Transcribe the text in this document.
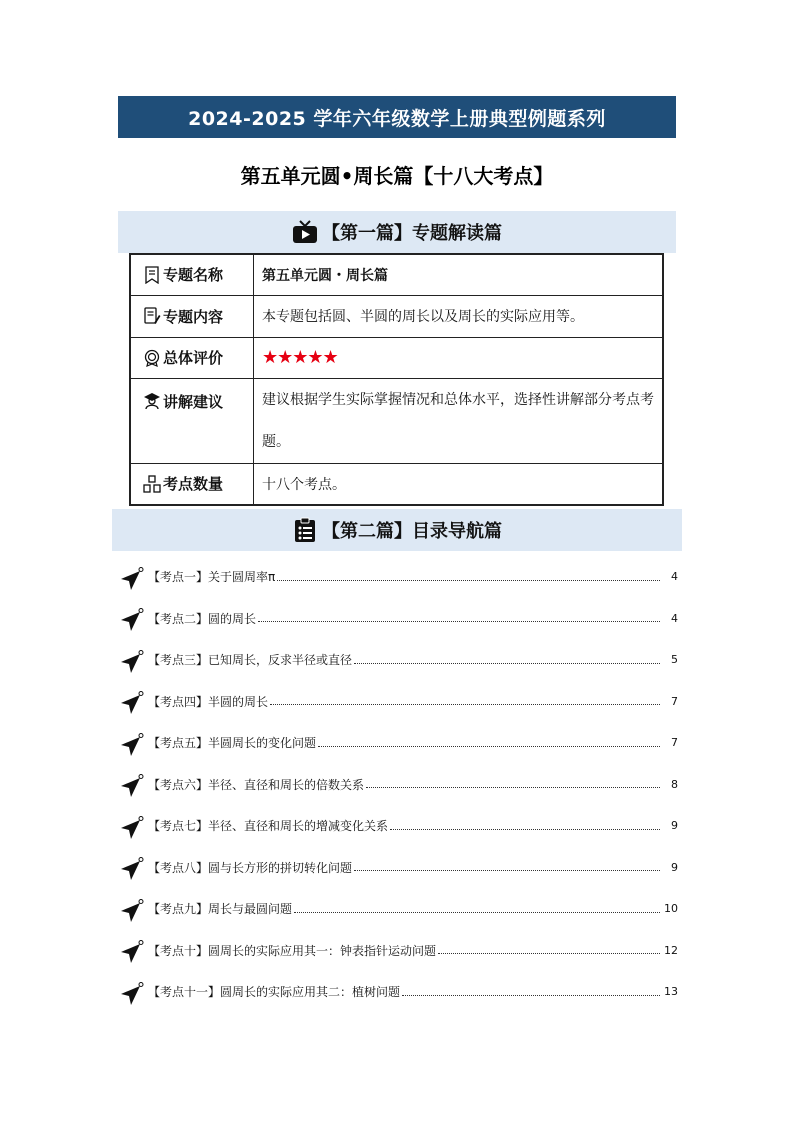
2024-2025 学年六年级数学上册典型例题系列
第五单元圆•周长篇【十八大考点】
【第一篇】专题解读篇
专题名称	第五单元圆・周长篇

专题内容	本专题包括圆、半圆的周长以及周长的实际应用等。

总体评价	★★★★★

讲解建议	建议根据学生实际掌握情况和总体水平，选择性讲解部分考点考题。

考点数量	十八个考点。
【第二篇】目录导航篇
【考点一】关于圆周率π	4
【考点二】圆的周长	4
【考点三】已知周长，反求半径或直径	5
【考点四】半圆的周长	7
【考点五】半圆周长的变化问题	7
【考点六】半径、直径和周长的倍数关系	8
【考点七】半径、直径和周长的增减变化关系	9
【考点八】圆与长方形的拼切转化问题	9
【考点九】周长与最圆问题	10
【考点十】圆周长的实际应用其一：钟表指针运动问题	12
【考点十一】圆周长的实际应用其二：植树问题	13
